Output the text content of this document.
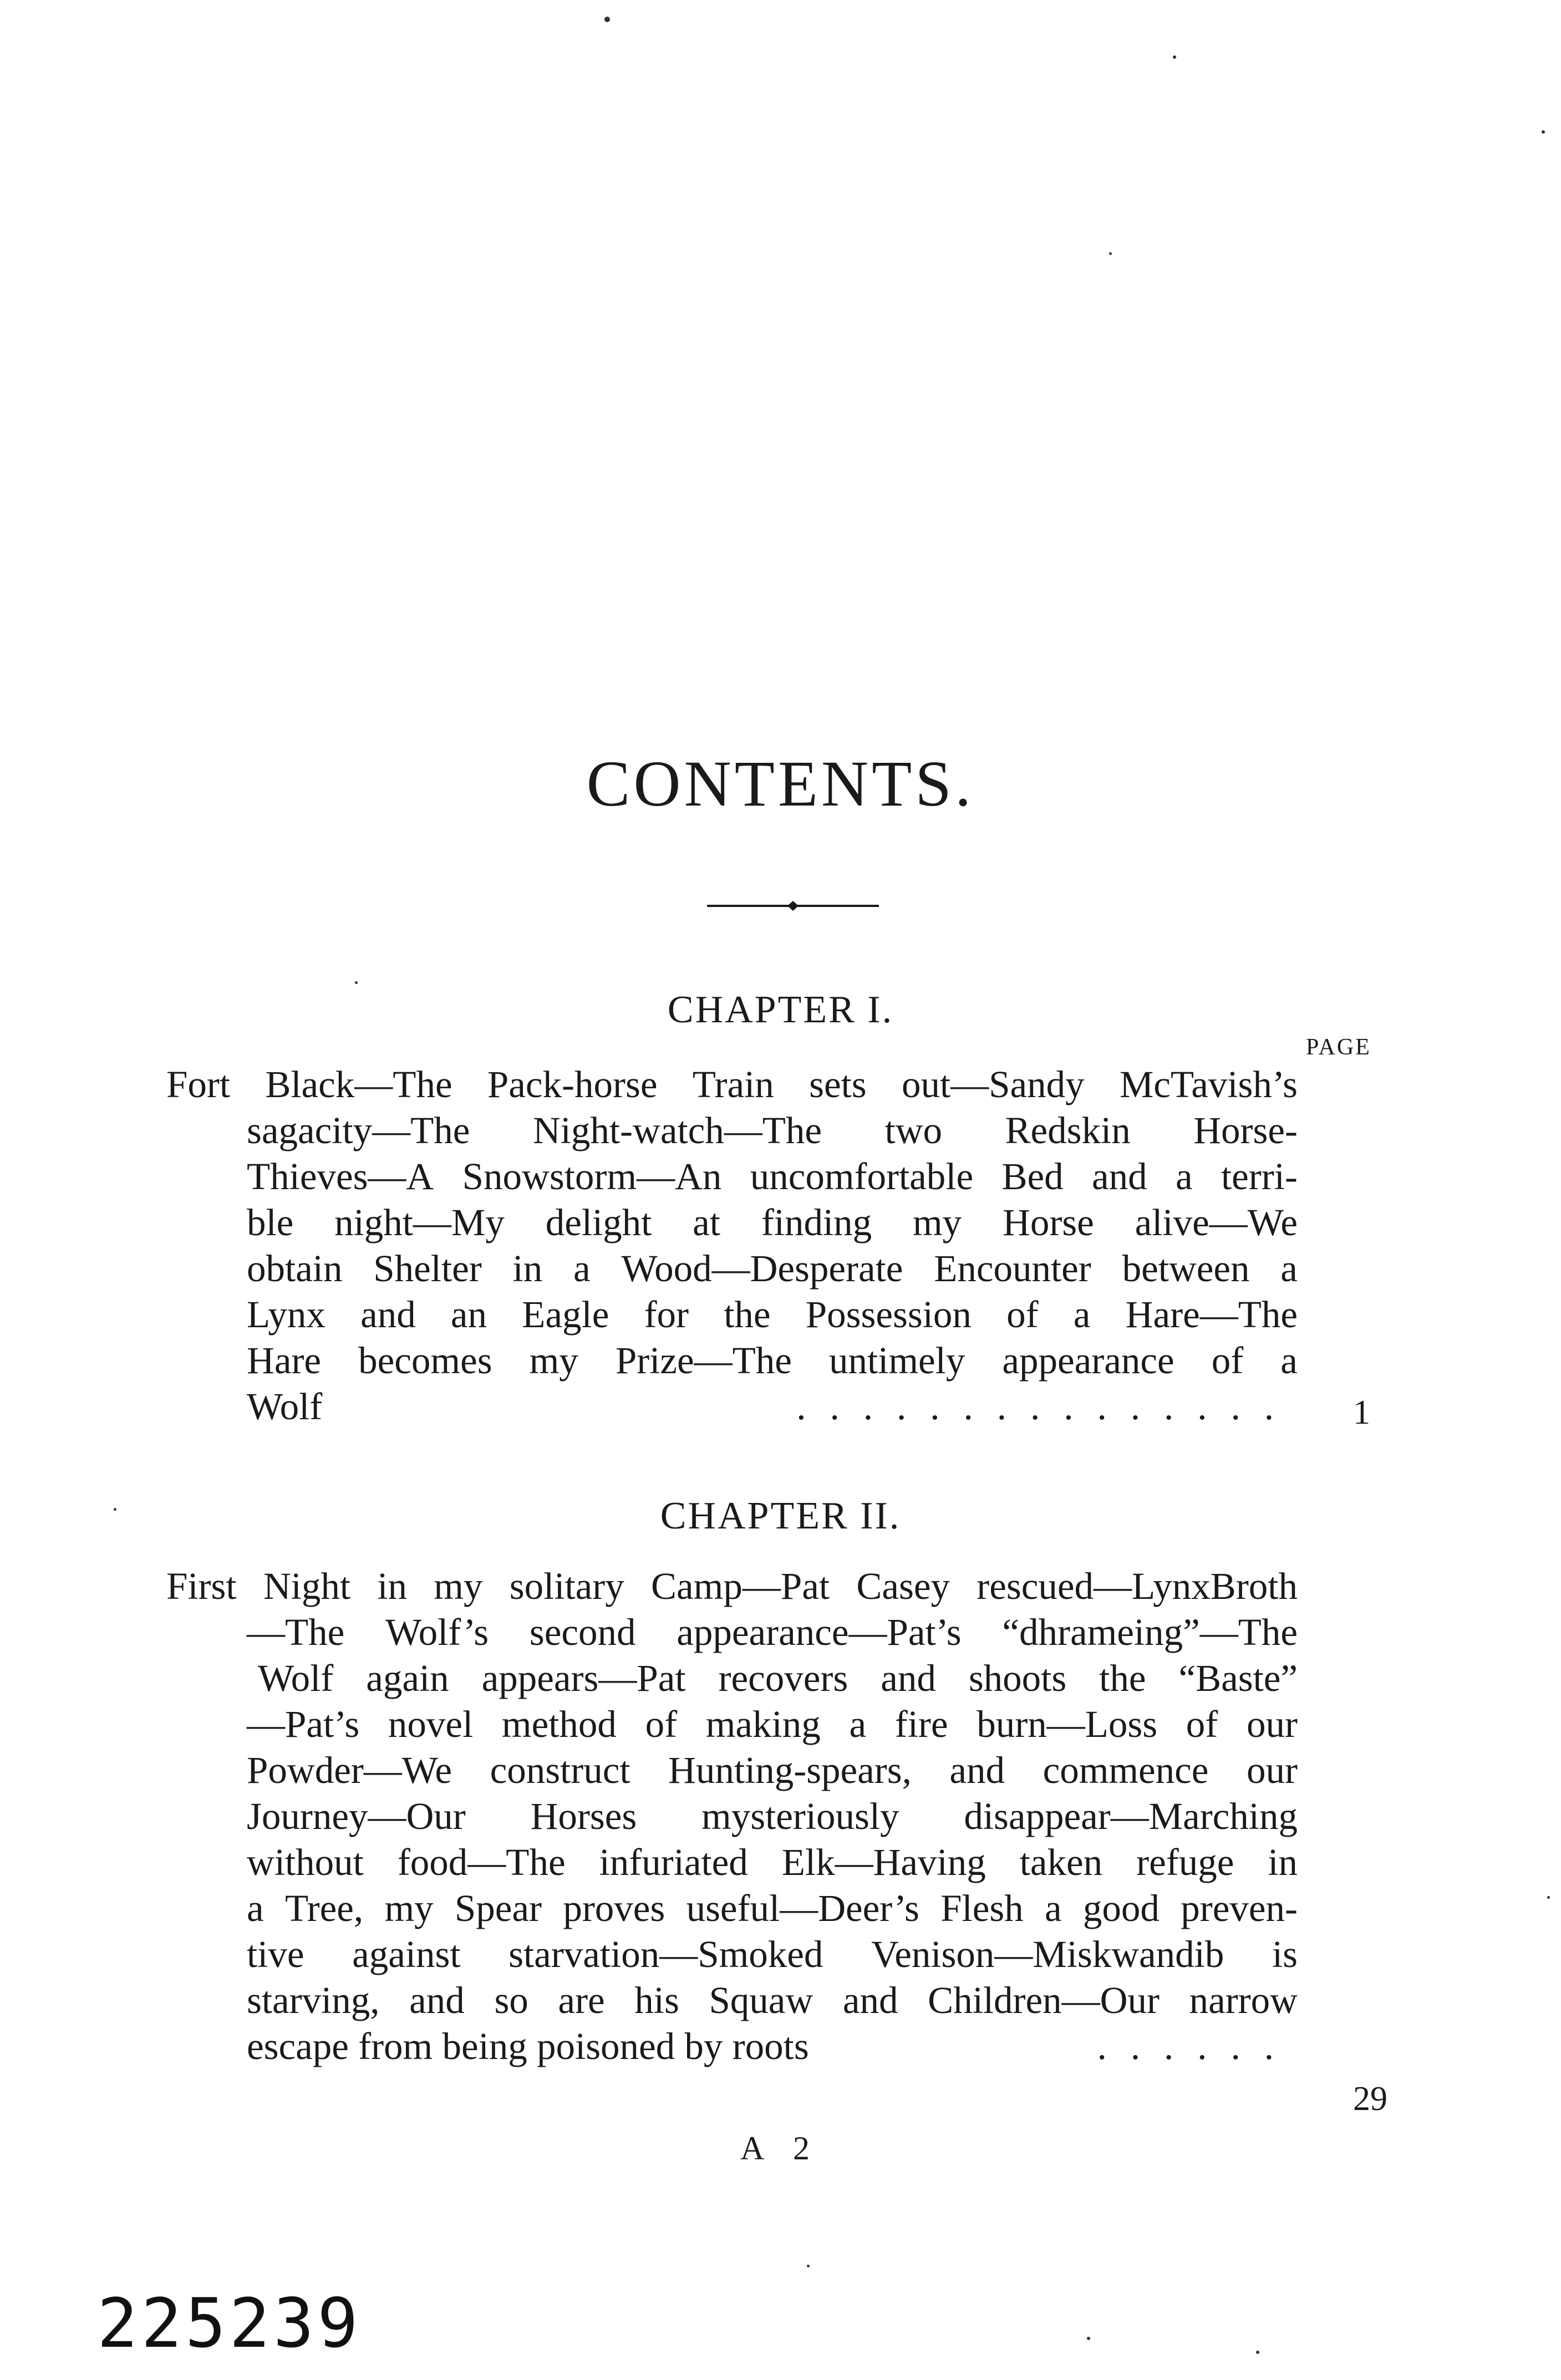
CONTENTS.
CHAPTER I.
PAGE
Fort Black—The Pack-horse Train sets out—Sandy McTavish’s
sagacity—The Night-watch—The two Redskin Horse-
Thieves—A Snowstorm—An uncomfortable Bed and a terri-
ble night—My delight at finding my Horse alive—We
obtain Shelter in a Wood—Desperate Encounter between a
Lynx and an Eagle for the Possession of a Hare—The
Hare becomes my Prize—The untimely appearance of a
Wolf	............... 1
CHAPTER II.
First Night in my solitary Camp—Pat Casey rescued—LynxBroth
—The Wolf’s second appearance—Pat’s “dhrameing”—The
Wolf again appears—Pat recovers and shoots the “Baste”
—Pat’s novel method of making a fire burn—Loss of our
Powder—We construct Hunting-spears, and commence our
Journey—Our Horses mysteriously disappear—Marching
without food—The infuriated Elk—Having taken refuge in
a Tree, my Spear proves useful—Deer’s Flesh a good preven-
tive against starvation—Smoked Venison—Miskwandib is
starving, and so are his Squaw and Children—Our narrow
escape from being poisoned by roots	......
29
A 2
225239
